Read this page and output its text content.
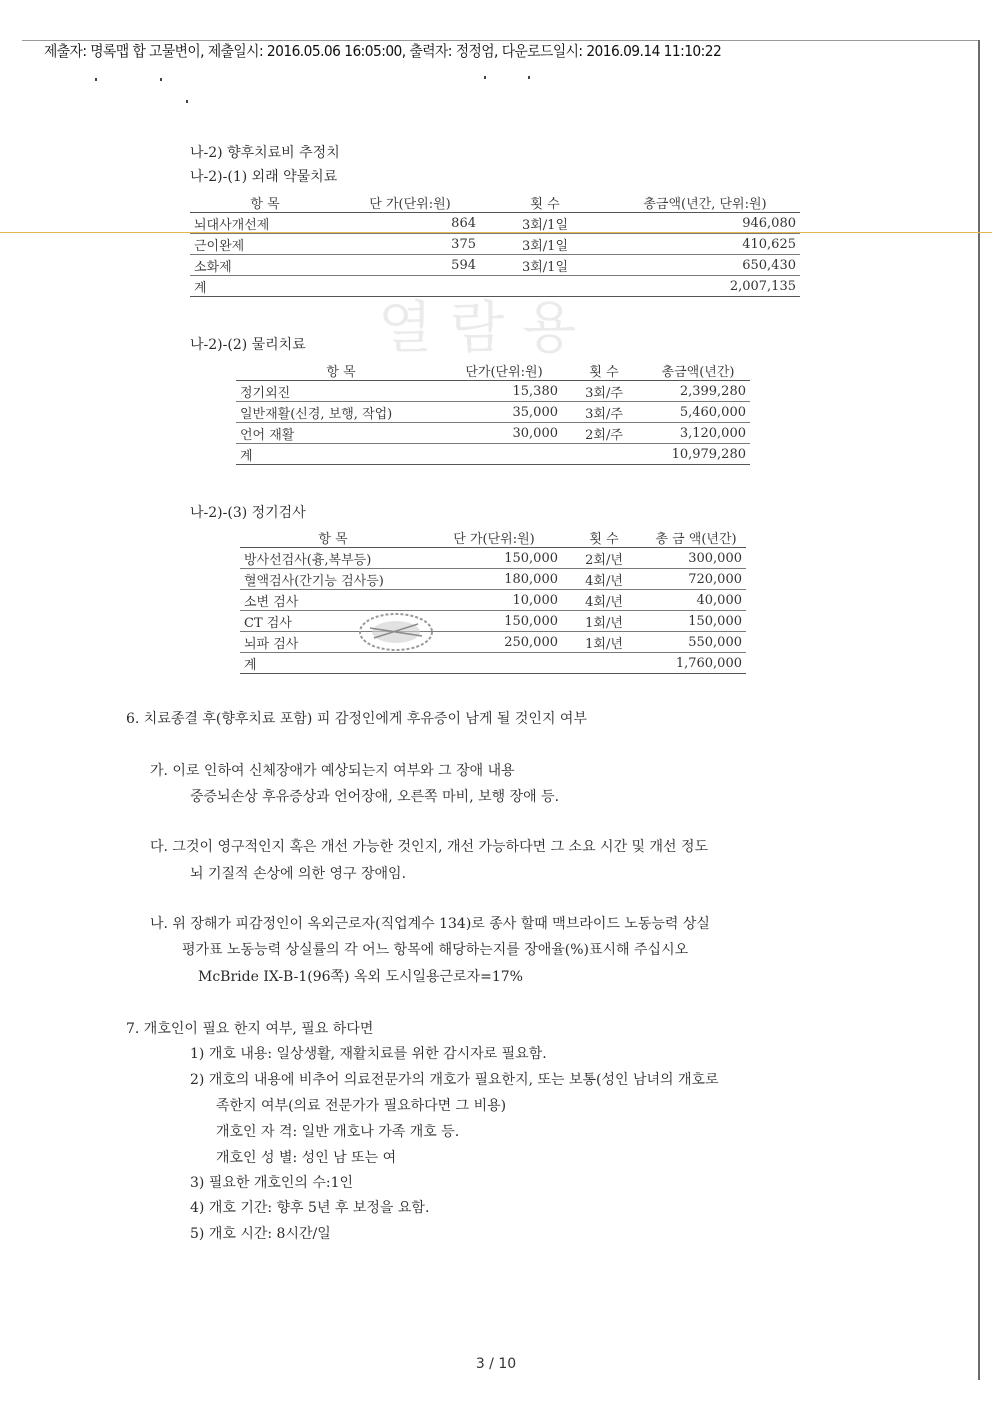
제출자: 명록맵 합 고물변이, 제출일시: 2016.05.06 16:05:00, 출력자: 정정엄, 다운로드일시: 2016.09.14 11:10:22
열람용
나-2) 향후치료비 추정치
나-2)-(1) 외래 약물치료
항 목	단 가(단위:원)	횟 수	총금액(년간, 단위:원)
뇌대사개선제	864	3회/1일	946,080
근이완제	375	3회/1일	410,625
소화제	594	3회/1일	650,430
계			2,007,135
나-2)-(2) 물리치료
항 목	단가(단위:원)	횟 수	총금액(년간)
정기외진	15,380	3회/주	2,399,280
일반재활(신경, 보행, 작업)	35,000	3회/주	5,460,000
언어 재활	30,000	2회/주	3,120,000
계			10,979,280
나-2)-(3) 정기검사
항 목	단 가(단위:원)	횟 수	총 금 액(년간)
방사선검사(흉,복부등)	150,000	2회/년	300,000
혈액검사(간기능 검사등)	180,000	4회/년	720,000
소변 검사	10,000	4회/년	40,000
CT 검사	150,000	1회/년	150,000
뇌파 검사	250,000	1회/년	550,000
계			1,760,000
6. 치료종결 후(향후치료 포함) 피 감정인에게 후유증이 남게 될 것인지 여부
가. 이로 인하여 신체장애가 예상되는지 여부와 그 장애 내용
중증뇌손상 후유증상과 언어장애, 오른쪽 마비, 보행 장애 등.
다. 그것이 영구적인지 혹은 개선 가능한 것인지, 개선 가능하다면 그 소요 시간 및 개선 정도
뇌 기질적 손상에 의한 영구 장애임.
나. 위 장해가 피감정인이 옥외근로자(직업계수 134)로 종사 할때 맥브라이드 노동능력 상실
평가표 노동능력 상실률의 각 어느 항목에 해당하는지를 장애율(%)표시해 주십시오
McBride IX-B-1(96쪽) 옥외 도시일용근로자=17%
7. 개호인이 필요 한지 여부, 필요 하다면
1) 개호 내용: 일상생활, 재활치료를 위한 감시자로 필요함.
2) 개호의 내용에 비추어 의료전문가의 개호가 필요한지, 또는 보통(성인 남녀의 개호로
족한지 여부(의료 전문가가 필요하다면 그 비용)
개호인 자 격: 일반 개호나 가족 개호 등.
개호인 성 별: 성인 남 또는 여
3) 필요한 개호인의 수:1인
4) 개호 기간: 향후 5년 후 보정을 요함.
5) 개호 시간: 8시간/일
3 / 10
